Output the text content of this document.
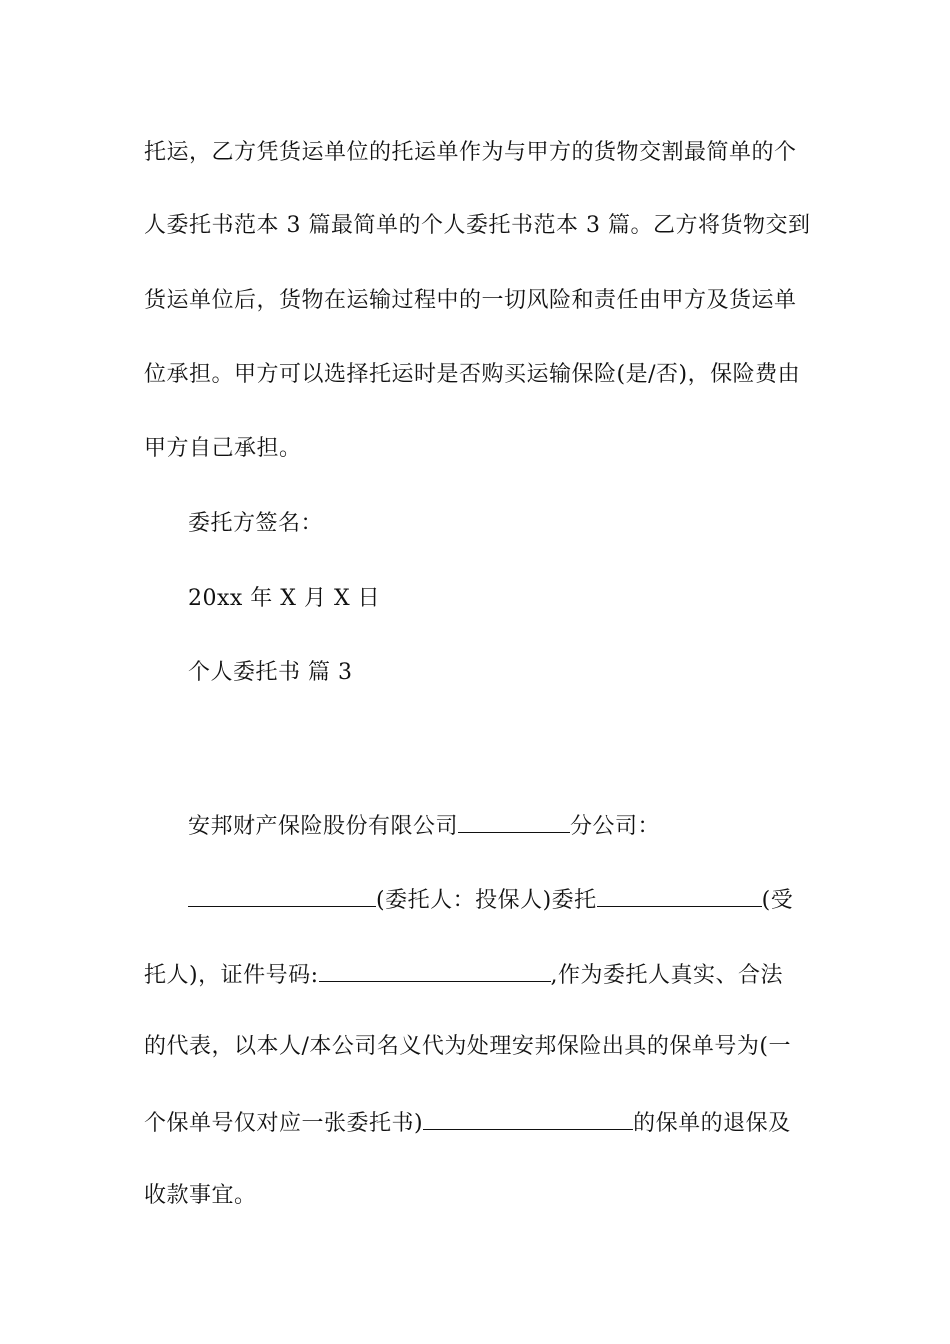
托运，乙方凭货运单位的托运单作为与甲方的货物交割最简单的个
人委托书范本 3 篇最简单的个人委托书范本 3 篇。乙方将货物交到
货运单位后，货物在运输过程中的一切风险和责任由甲方及货运单
位承担。甲方可以选择托运时是否购买运输保险(是/否)，保险费由
甲方自己承担。
委托方签名：
20xx 年 X 月 X 日
个人委托书 篇 3
安邦财产保险股份有限公司	分公司：
(委托人：投保人)委托	(受
托人)，证件号码:	,作为委托人真实、合法
的代表，以本人/本公司名义代为处理安邦保险出具的保单号为(一
个保单号仅对应一张委托书)	的保单的退保及
收款事宜。
